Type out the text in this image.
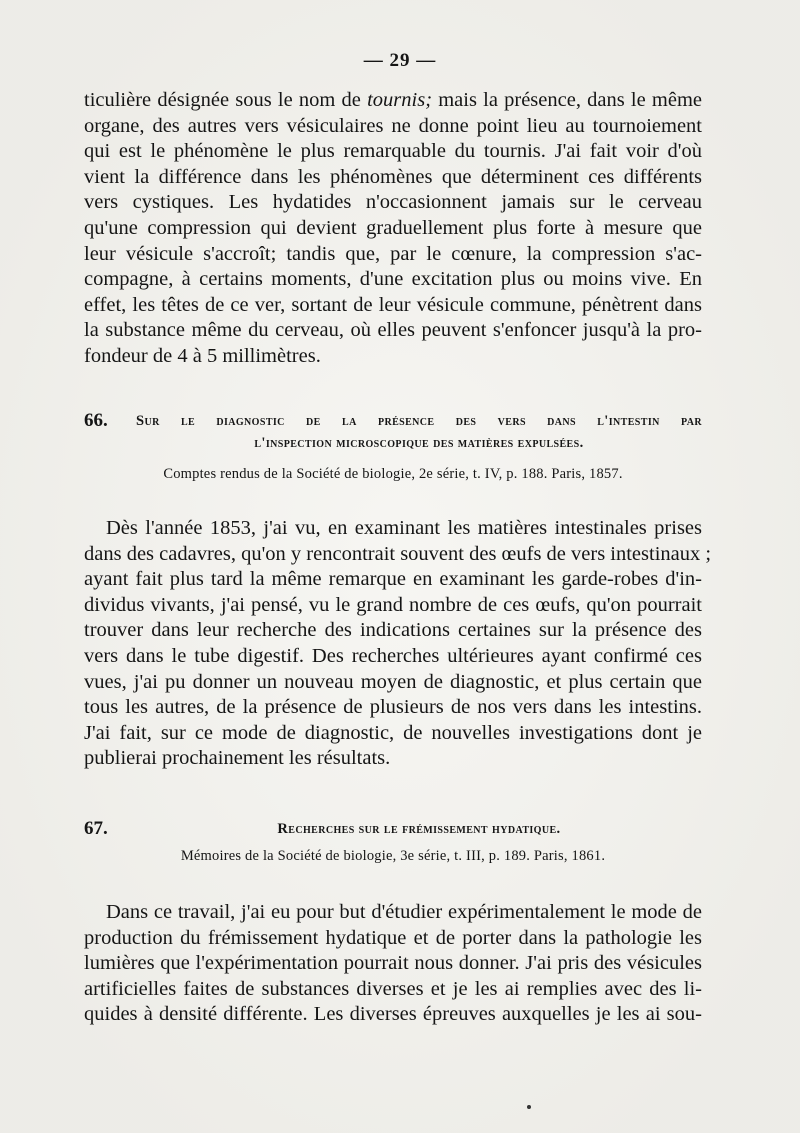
— 29 —
ticulière désignée sous le nom de tournis; mais la présence, dans le même
organe, des autres vers vésiculaires ne donne point lieu au tournoiement
qui est le phénomène le plus remarquable du tournis. J'ai fait voir d'où
vient la différence dans les phénomènes que déterminent ces différents
vers cystiques. Les hydatides n'occasionnent jamais sur le cerveau
qu'une compression qui devient graduellement plus forte à mesure que
leur vésicule s'accroît; tandis que, par le cœnure, la compression s'ac-
compagne, à certains moments, d'une excitation plus ou moins vive. En
effet, les têtes de ce ver, sortant de leur vésicule commune, pénètrent dans
la substance même du cerveau, où elles peuvent s'enfoncer jusqu'à la pro-
fondeur de 4 à 5 millimètres.
66. Sur le diagnostic de la présence des vers dans l'intestin par
l'inspection microscopique des matières expulsées.
Comptes rendus de la Société de biologie, 2e série, t. IV, p. 188. Paris, 1857.
Dès l'année 1853, j'ai vu, en examinant les matières intestinales prises
dans des cadavres, qu'on y rencontrait souvent des œufs de vers intestinaux ;
ayant fait plus tard la même remarque en examinant les garde-robes d'in-
dividus vivants, j'ai pensé, vu le grand nombre de ces œufs, qu'on pourrait
trouver dans leur recherche des indications certaines sur la présence des
vers dans le tube digestif. Des recherches ultérieures ayant confirmé ces
vues, j'ai pu donner un nouveau moyen de diagnostic, et plus certain que
tous les autres, de la présence de plusieurs de nos vers dans les intestins.
J'ai fait, sur ce mode de diagnostic, de nouvelles investigations dont je
publierai prochainement les résultats.
67.	Recherches sur le frémissement hydatique.
Mémoires de la Société de biologie, 3e série, t. III, p. 189. Paris, 1861.
Dans ce travail, j'ai eu pour but d'étudier expérimentalement le mode de
production du frémissement hydatique et de porter dans la pathologie les
lumières que l'expérimentation pourrait nous donner. J'ai pris des vésicules
artificielles faites de substances diverses et je les ai remplies avec des li-
quides à densité différente. Les diverses épreuves auxquelles je les ai sou-
